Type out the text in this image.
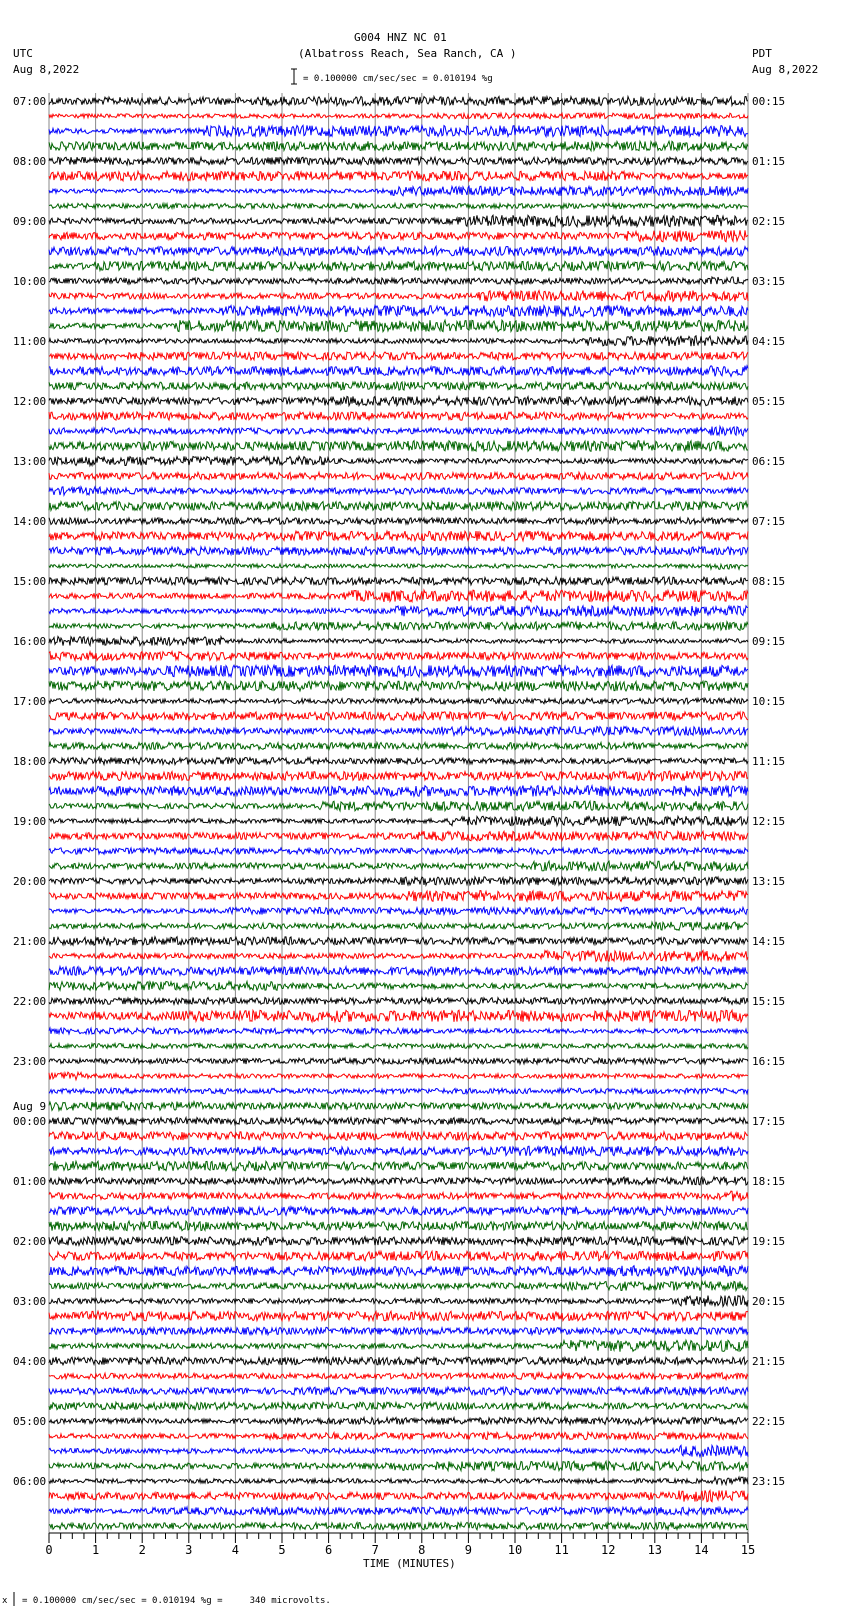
G004 HNZ NC 01
(Albatross Reach, Sea Ranch, CA )
UTC
Aug 8,2022
PDT
Aug 8,2022
= 0.100000 cm/sec/sec = 0.010194 %g
TIME (MINUTES)
x = 0.100000 cm/sec/sec = 0.010194 %g =     340 microvolts.
0	1	2	3	4	5	6	7	8	9	10	11	12	13	14	15
07:00
08:00
09:00
10:00
11:00
12:00
13:00
14:00
15:00
16:00
17:00
18:00
19:00
20:00
21:00
22:00
23:00
00:00
Aug 9
01:00
02:00
03:00
04:00
05:00
06:00
00:15
01:15
02:15
03:15
04:15
05:15
06:15
07:15
08:15
09:15
10:15
11:15
12:15
13:15
14:15
15:15
16:15
17:15
18:15
19:15
20:15
21:15
22:15
23:15
